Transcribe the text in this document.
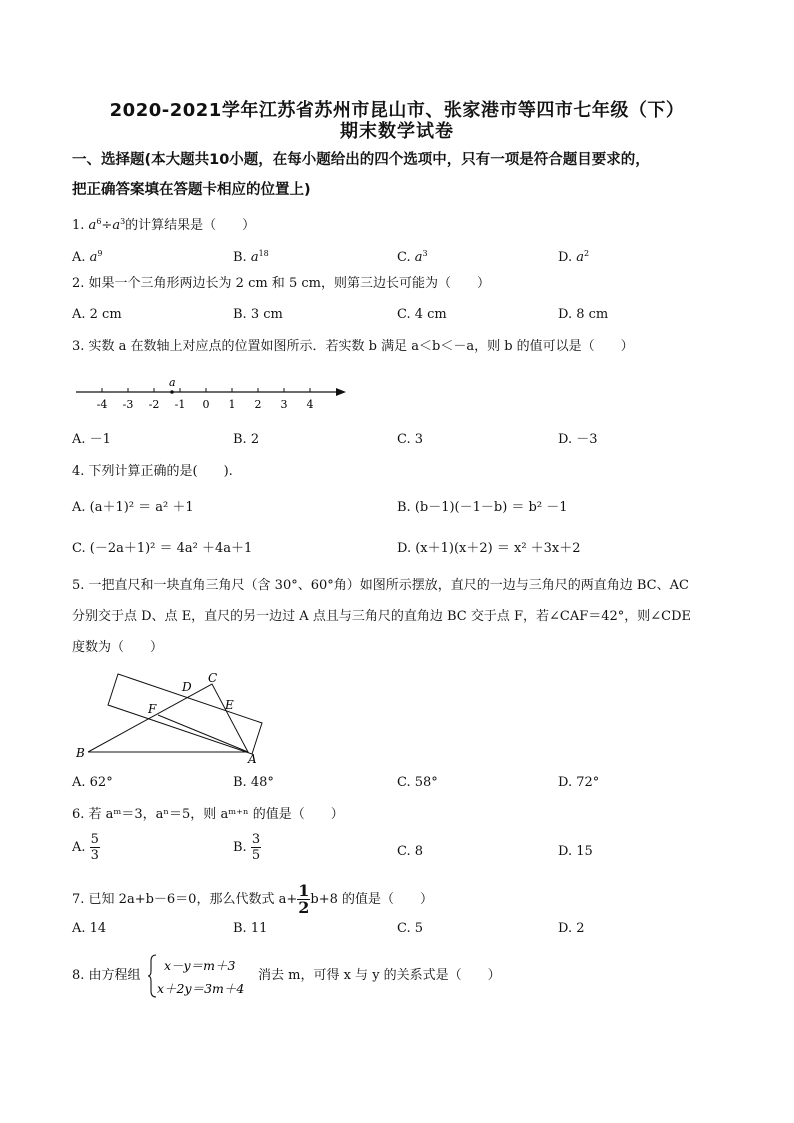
2020-2021学年江苏省苏州市昆山市、张家港市等四市七年级（下）
期末数学试卷
一、选择题(本大题共10小题，在每小题给出的四个选项中，只有一项是符合题目要求的，
把正确答案填在答题卡相应的位置上)
1. $a^6\div a^3$的计算结果是（　　）
A. $a^9$	B. $a^{18}$	C. $a^3$	D. $a^2$
2. 如果一个三角形两边长为 2 cm 和 5 cm，则第三边长可能为（　　）
A. 2 cm	B. 3 cm	C. 4 cm	D. 8 cm
3. 实数 a 在数轴上对应点的位置如图所示．若实数 b 满足 a＜b＜－a，则 b 的值可以是（　　）
-4 -3 -2 -1 0 1 2 3 4
a
A. －1	B. 2	C. 3	D. －3
4. 下列计算正确的是(　　).
A. (a＋1)² ＝ a² ＋1	B. (b－1)(－1－b) ＝ b² －1
C. (－2a＋1)² ＝ 4a² ＋4a＋1	D. (x＋1)(x＋2) ＝ x² ＋3x＋2
5. 一把直尺和一块直角三角尺（含 30°、60°角）如图所示摆放，直尺的一边与三角尺的两直角边 BC、AC
分别交于点 D、点 E，直尺的另一边过 A 点且与三角尺的直角边 BC 交于点 F，若∠CAF＝42°，则∠CDE
度数为（　　）
B	A
C
D
E
F
A. 62°	B. 48°	C. 58°	D. 72°
6. 若 aᵐ＝3，aⁿ＝5，则 aᵐ⁺ⁿ 的值是（　　）
A. $\frac{5}{3}$	B. $\frac{3}{5}$	C. 8	D. 15
7. 已知 2a+b－6＝0，那么代数式 $a+ \frac{1}{2} b+8$ 的值是（　　）
A. 14	B. 11	C. 5	D. 2
8. 由方程组
x－y＝m＋3
x＋2y＝3m＋4
消去 m，可得 x 与 y 的关系式是（　　）
